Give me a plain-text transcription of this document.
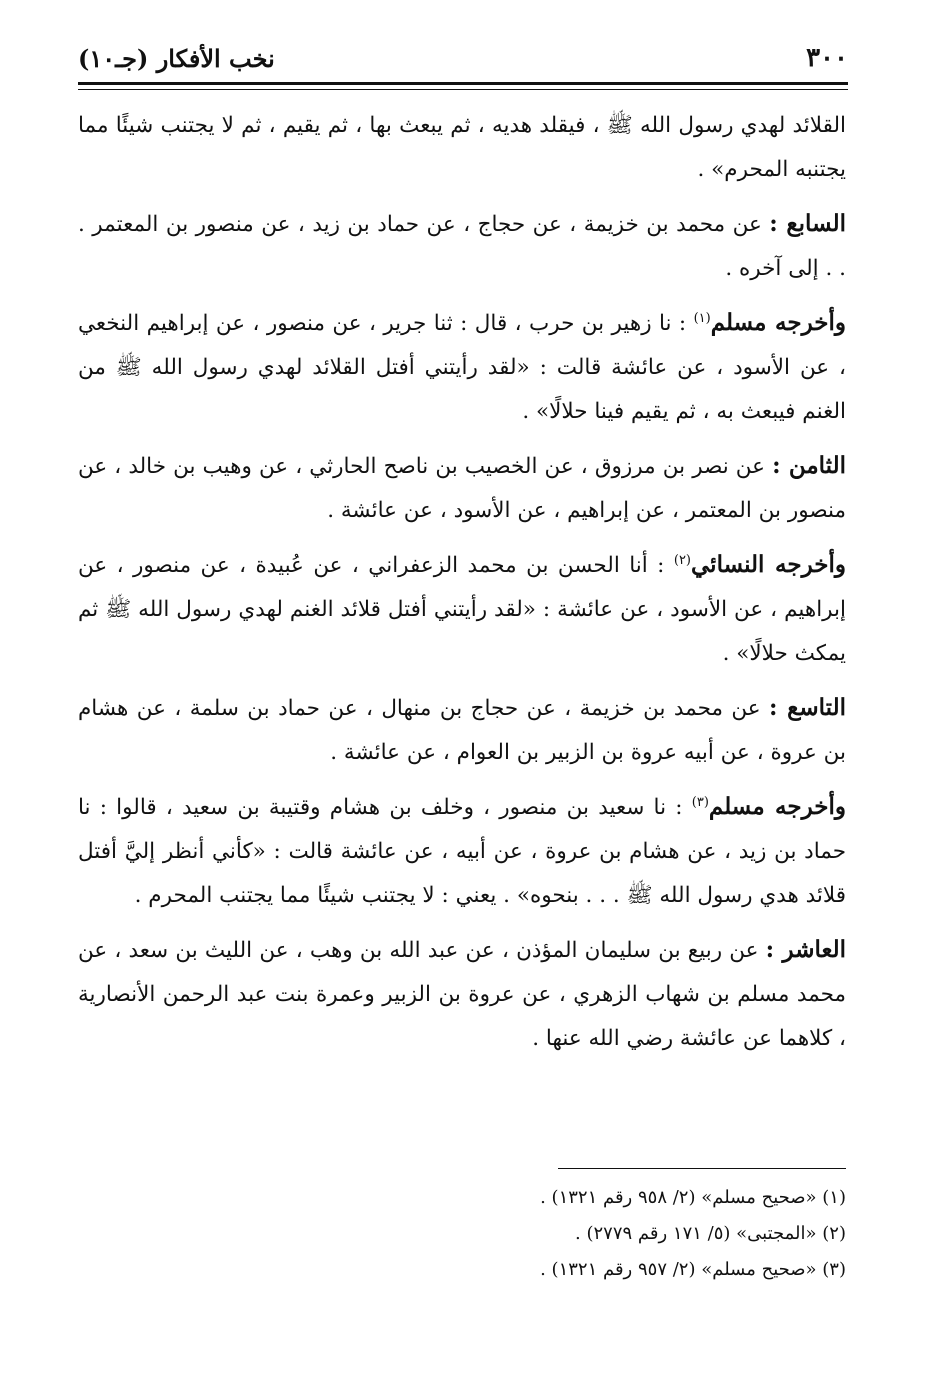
٣٠٠
نخب الأفكار (جـ١٠)

القلائد لهدي رسول الله ﷺ ، فيقلد هديه ، ثم يبعث بها ، ثم يقيم ، ثم لا يجتنب شيئًا مما يجتنبه المحرم» .

السابع : عن محمد بن خزيمة ، عن حجاج ، عن حماد بن زيد ، عن منصور بن المعتمر . . . إلى آخره .

وأخرجه مسلم$^{(١)}$ : نا زهير بن حرب ، قال : ثنا جرير ، عن منصور ، عن إبراهيم النخعي ، عن الأسود ، عن عائشة قالت : «لقد رأيتني أفتل القلائد لهدي رسول الله ﷺ من الغنم فيبعث به ، ثم يقيم فينا حلالًا» .

الثامن : عن نصر بن مرزوق ، عن الخصيب بن ناصح الحارثي ، عن وهيب بن خالد ، عن منصور بن المعتمر ، عن إبراهيم ، عن الأسود ، عن عائشة .

وأخرجه النسائي$^{(٢)}$ : أنا الحسن بن محمد الزعفراني ، عن عُبيدة ، عن منصور ، عن إبراهيم ، عن الأسود ، عن عائشة : «لقد رأيتني أفتل قلائد الغنم لهدي رسول الله ﷺ ثم يمكث حلالًا» .

التاسع : عن محمد بن خزيمة ، عن حجاج بن منهال ، عن حماد بن سلمة ، عن هشام بن عروة ، عن أبيه عروة بن الزبير بن العوام ، عن عائشة .

وأخرجه مسلم$^{(٣)}$ : نا سعيد بن منصور ، وخلف بن هشام وقتيبة بن سعيد ، قالوا : نا حماد بن زيد ، عن هشام بن عروة ، عن أبيه ، عن عائشة قالت : «كأني أنظر إليَّ أفتل قلائد هدي رسول الله ﷺ . . . بنحوه» . يعني : لا يجتنب شيئًا مما يجتنب المحرم .

العاشر : عن ربيع بن سليمان المؤذن ، عن عبد الله بن وهب ، عن الليث بن سعد ، عن محمد مسلم بن شهاب الزهري ، عن عروة بن الزبير وعمرة بنت عبد الرحمن الأنصارية ، كلاهما عن عائشة رضي الله عنها .

(١) «صحيح مسلم» (٢/ ٩٥٨ رقم ١٣٢١) .

(٢) «المجتبى» (٥/ ١٧١ رقم ٢٧٧٩) .

(٣) «صحيح مسلم» (٢/ ٩٥٧ رقم ١٣٢١) .
